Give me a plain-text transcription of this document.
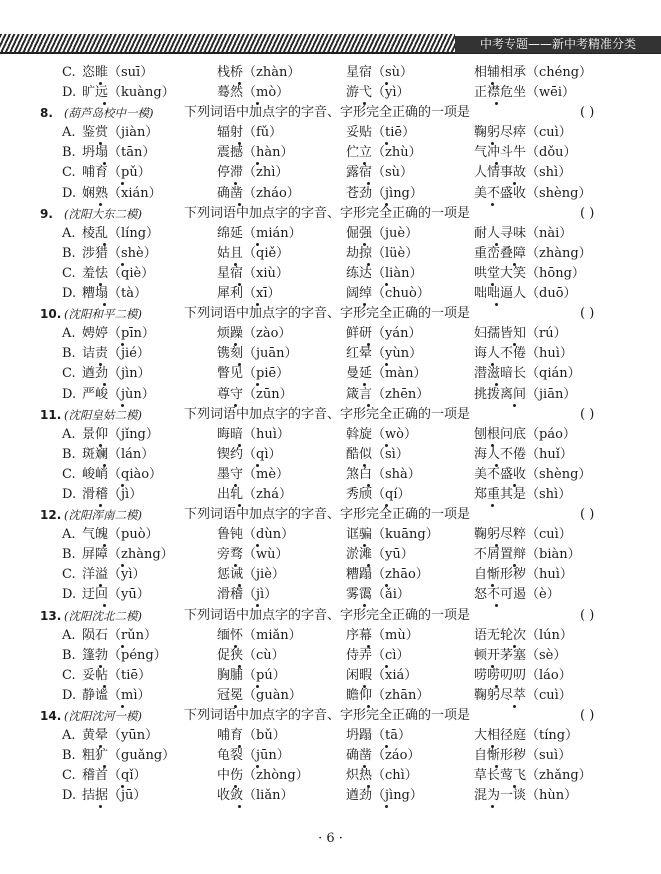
中考专题——新中考精准分类
C. 恣睢（suī）	栈桥（zhàn）	星宿（sù）	相辅相承（chéng）
D. 旷远（kuàng）	蓦然（mò）	游弋（yì）	正襟危坐（wēi）
8. (葫芦岛校中一模) 下列词语中加点字的字音、字形完全正确的一项是	( )
A. 鉴赏（jiàn）	辐射（fǔ）	妥贴（tiē）	鞠躬尽瘁（cuì）
B. 坍塌（tān）	震撼（hàn）	伫立（zhù）	气冲斗牛（dǒu）
C. 哺育（pǔ）	停滞（zhì）	露宿（sù）	人情事故（shì）
D. 娴熟（xián）	确凿（zháo）	苍劲（jìng）	美不盛收（shèng）
9. (沈阳大东二模)	下列词语中加点字的字音、字形完全正确的一项是	( )
A. 棱乱（líng）	绵延（mián）	倔强（juè）	耐人寻味（nài）
B. 涉猎（shè）	姑且（qiě）	劫掠（lüè）	重峦叠障（zhàng）
C. 羞怯（qiè）	星宿（xiù）	练达（liàn）	哄堂大笑（hōng）
D. 糟塌（tà）	犀利（xī）	阔绰（chuò）	咄咄逼人（duō）
10. (沈阳和平二模)	下列词语中加点字的字音、字形完全正确的一项是	( )
A. 娉婷（pīn）	烦躁（zào）	鲜研（yán）	妇孺皆知（rú）
B. 诘责（jié）	镌刻（juān）	红晕（yùn）	诲人不倦（huì）
C. 遒劲（jìn）	瞥见（piē）	曼延（màn）	潜滋暗长（qián）
D. 严峻（jùn）	尊守（zūn）	箴言（zhēn）	挑拨离间（jiān）
11. (沈阳皇姑二模)	下列词语中加点字的字音、字形完全正确的一项是	( )
A. 景仰（jǐng）	晦暗（huì）	斡旋（wò）	刨根问底（páo）
B. 斑斓（lán）	锲约（qì）	酷似（sì）	海人不倦（huǐ）
C. 峻峭（qiào）	墨守（mè）	煞白（shà）	美不盛收（shèng）
D. 滑稽（jì）	出轧（zhá）	秀颀（qí）	郑重其是（shì）
12. (沈阳浑南二模)	下列词语中加点字的字音、字形完全正确的一项是	( )
A. 气魄（può）	鲁钝（dùn）	诓骗（kuāng）	鞠躬尽粹（cuì）
B. 屏障（zhàng）	旁骛（wù）	淤滩（yū）	不屑置辩（biàn）
C. 洋溢（yì）	惩诫（jiè）	糟蹋（zhāo）	自惭形秽（huì）
D. 迂回（yū）	滑稽（jì）	雾霭（ǎi）	怒不可遏（è）
13. (沈阳沈北二模)	下列词语中加点字的字音、字形完全正确的一项是	( )
A. 陨石（rǔn）	缅怀（miǎn）	序幕（mù）	语无轮次（lún）
B. 篷勃（péng）	促狭（cù）	侍弄（cì）	顿开茅塞（sè）
C. 妥帖（tiē）	胸脯（pú）	闲暇（xiá）	唠唠叨叨（láo）
D. 静谧（mì）	冠冕（guàn）	瞻仰（zhān）	鞠躬尽萃（cuì）
14. (沈阳沈河一模)	下列词语中加点字的字音、字形完全正确的一项是	( )
A. 黄晕（yūn）	哺育（bǔ）	坍蹋（tā）	大相径庭（tíng）
B. 粗犷（guǎng）	龟裂（jūn）	确凿（záo）	自惭形秽（suì）
C. 稽首（qǐ）	中伤（zhòng）	炽热（chì）	草长莺飞（zhǎng）
D. 拮据（jū）	收敛（liǎn）	遒劲（jìng）	混为一谈（hùn）
· 6 ·
